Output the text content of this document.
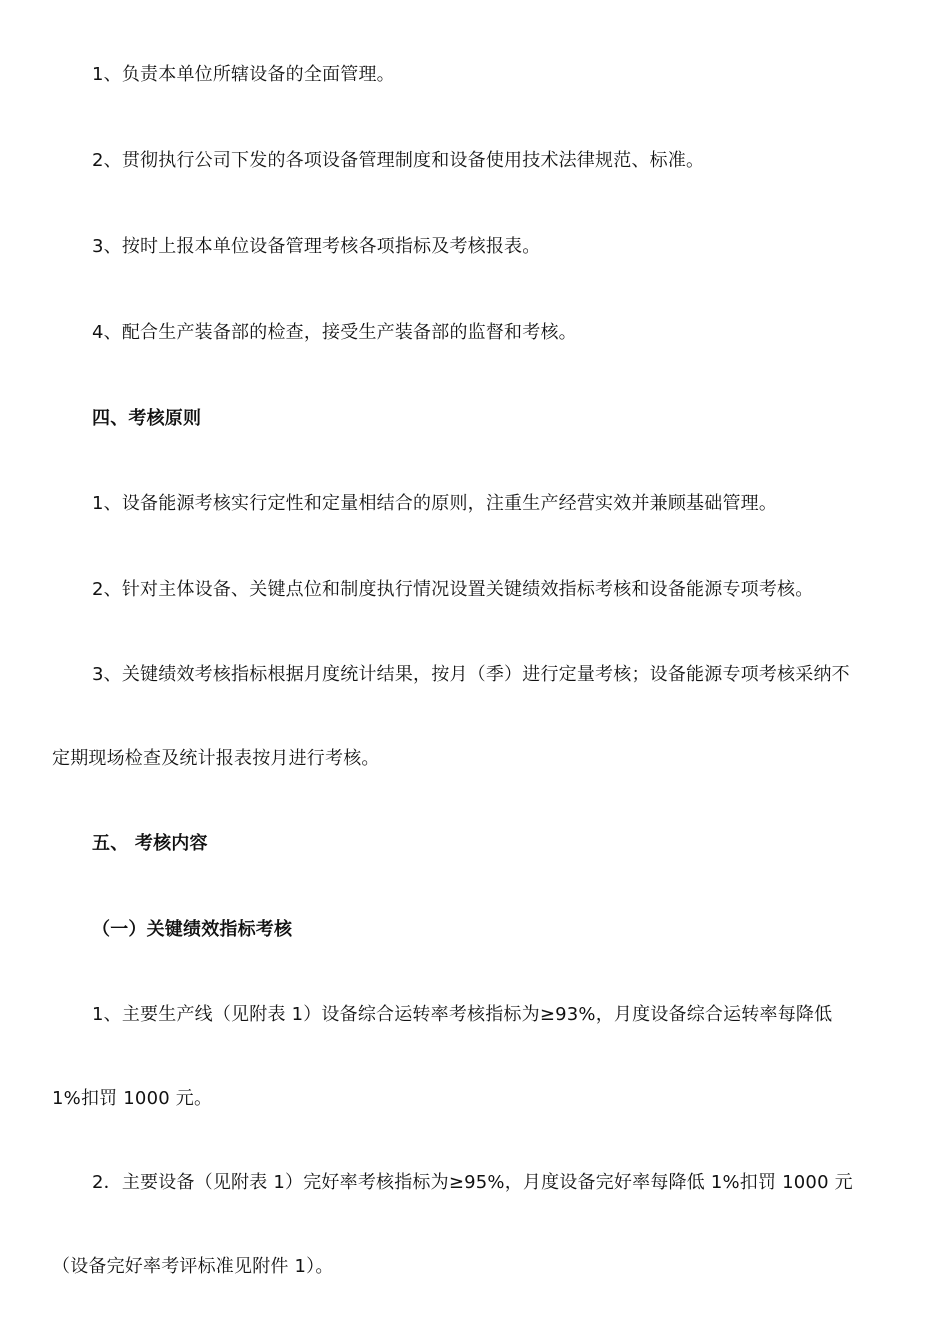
1、负责本单位所辖设备的全面管理。
2、贯彻执行公司下发的各项设备管理制度和设备使用技术法律规范、标准。
3、按时上报本单位设备管理考核各项指标及考核报表。
4、配合生产装备部的检查，接受生产装备部的监督和考核。
四、考核原则
1、设备能源考核实行定性和定量相结合的原则，注重生产经营实效并兼顾基础管理。
2、针对主体设备、关键点位和制度执行情况设置关键绩效指标考核和设备能源专项考核。
3、关键绩效考核指标根据月度统计结果，按月（季）进行定量考核；设备能源专项考核采纳不
定期现场检查及统计报表按月进行考核。
五、 考核内容
（一）关键绩效指标考核
1、主要生产线（见附表 1）设备综合运转率考核指标为≥93%，月度设备综合运转率每降低
1%扣罚 1000 元。
2．主要设备（见附表 1）完好率考核指标为≥95%，月度设备完好率每降低 1%扣罚 1000 元
（设备完好率考评标准见附件 1）。
